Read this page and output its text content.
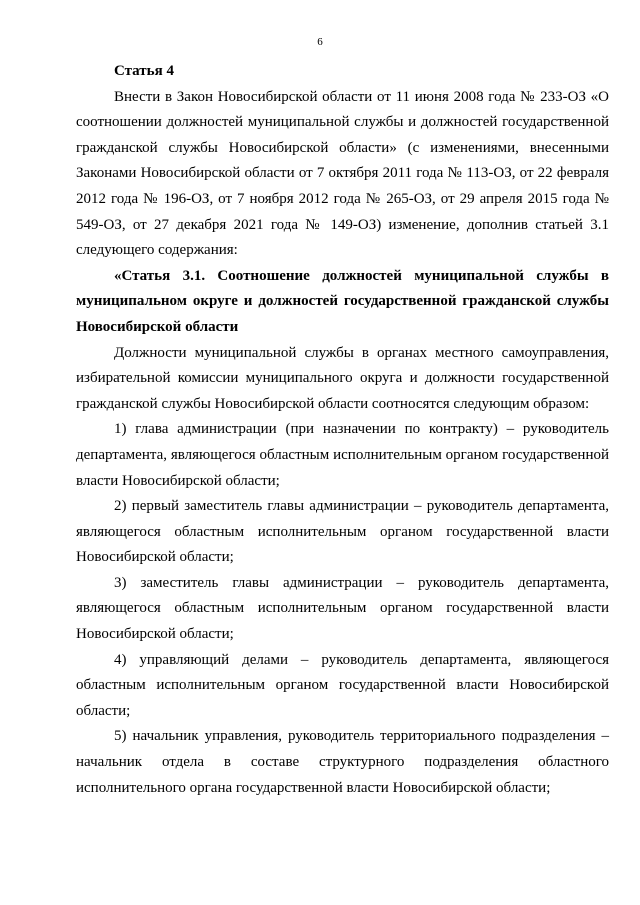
6

Статья 4

Внести в Закон Новосибирской области от 11 июня 2008 года № 233-ОЗ «О соотношении должностей муниципальной службы и должностей государственной гражданской службы Новосибирской области» (с изменениями, внесенными Законами Новосибирской области от 7 октября 2011 года № 113-ОЗ, от 22 февраля 2012 года № 196-ОЗ, от 7 ноября 2012 года № 265-ОЗ, от 29 апреля 2015 года № 549-ОЗ, от 27 декабря 2021 года № 149-ОЗ) изменение, дополнив статьей 3.1 следующего содержания:

«Статья 3.1. Соотношение должностей муниципальной службы в муниципальном округе и должностей государственной гражданской службы Новосибирской области

Должности муниципальной службы в органах местного самоуправления, избирательной комиссии муниципального округа и должности государственной гражданской службы Новосибирской области соотносятся следующим образом:

1) глава администрации (при назначении по контракту) – руководитель департамента, являющегося областным исполнительным органом государственной власти Новосибирской области;

2) первый заместитель главы администрации – руководитель департамента, являющегося областным исполнительным органом государственной власти Новосибирской области;

3) заместитель главы администрации – руководитель департамента, являющегося областным исполнительным органом государственной власти Новосибирской области;

4) управляющий делами – руководитель департамента, являющегося областным исполнительным органом государственной власти Новосибирской области;

5) начальник управления, руководитель территориального подразделения – начальник отдела в составе структурного подразделения областного исполнительного органа государственной власти Новосибирской области;
